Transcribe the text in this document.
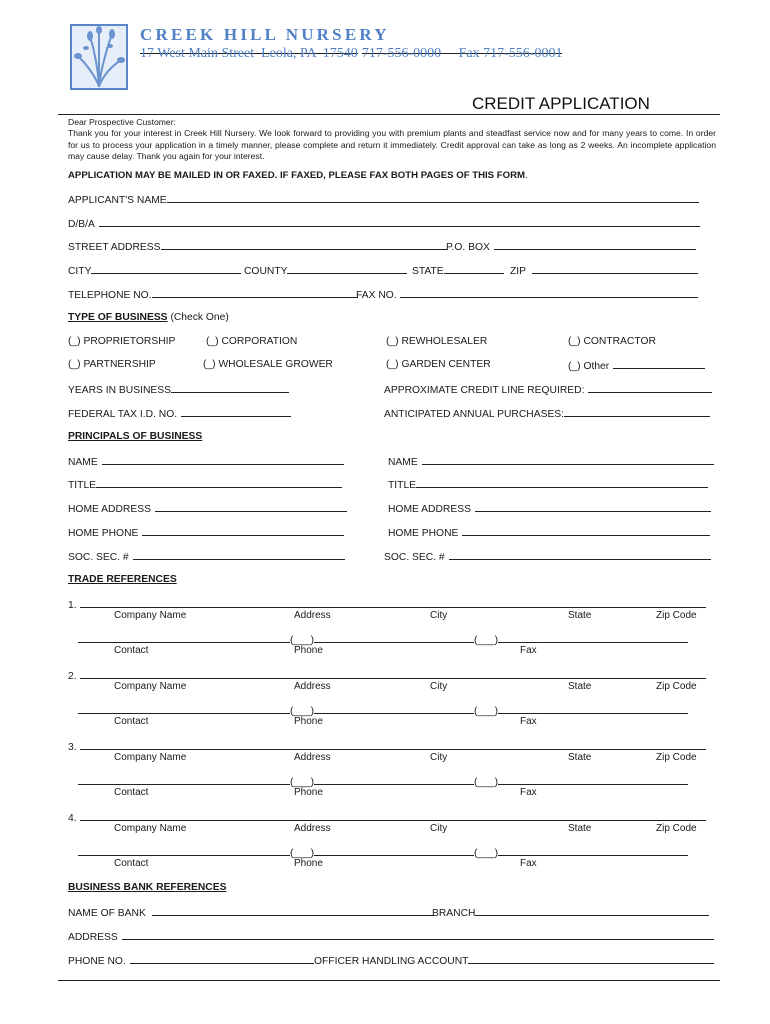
CREEK HILL NURSERY
17 West Main Street  Leola, PA  17540 717-556-0000     Fax 717-556-0001
CREDIT APPLICATION
Dear Prospective Customer:
Thank you for your interest in Creek Hill Nursery. We look forward to providing you with premium plants and steadfast service now and for many years to come. In order for us to process your application in a timely manner, please complete and return it immediately. Credit approval can take as long as 2 weeks. An incomplete application may cause delay. Thank you again for your interest.
APPLICATION MAY BE MAILED IN OR FAXED. IF FAXED, PLEASE FAX BOTH PAGES OF THIS FORM.
APPLICANT'S NAME
D/B/A
STREET ADDRESS	P.O. BOX
CITY	COUNTY	STATE	ZIP
TELEPHONE NO.	FAX NO.
TYPE OF BUSINESS (Check One)
(_) PROPRIETORSHIP	(_) CORPORATION	(_) REWHOLESALER	(_) CONTRACTOR
(_) PARTNERSHIP	(_) WHOLESALE GROWER	(_) GARDEN CENTER	(_) Other
YEARS IN BUSINESS	APPROXIMATE CREDIT LINE REQUIRED:
FEDERAL TAX I.D. NO.	ANTICIPATED ANNUAL PURCHASES:
PRINCIPALS OF BUSINESS
NAME	NAME
TITLE	TITLE
HOME ADDRESS	HOME ADDRESS
HOME PHONE	HOME PHONE
SOC. SEC. #	SOC. SEC. #
TRADE REFERENCES
1.
Company Name	Address	City	State	Zip Code
(___)	(___)
Contact	Phone	Fax
2.
Company Name	Address	City	State	Zip Code
(___)	(___)
Contact	Phone	Fax
3.
Company Name	Address	City	State	Zip Code
(___)	(___)
Contact	Phone	Fax
4.
Company Name	Address	City	State	Zip Code
(___)	(___)
Contact	Phone	Fax
BUSINESS BANK REFERENCES
NAME OF BANK	BRANCH
ADDRESS
PHONE NO.	OFFICER HANDLING ACCOUNT
